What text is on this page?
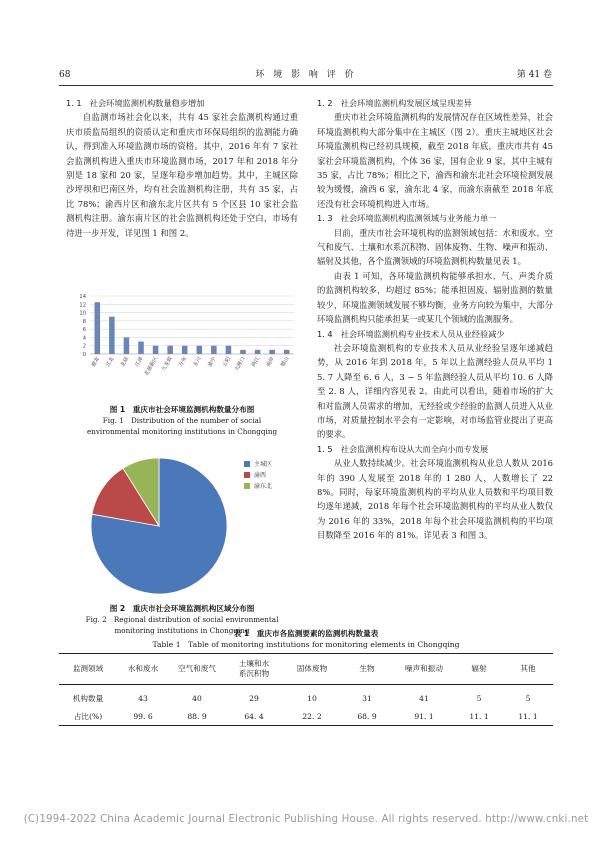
68	环 境 影 响 评 价	第 41 卷

1. 1　社会环境监测机构数量稳步增加

自监测市场社会化以来，共有 45 家社会监测机构通过重庆市质监局组织的资质认定和重庆市环保局组织的监测能力确认，得到准入环境监测市场的资格。其中，2016 年有 7 家社会监测机构进入重庆市环境监测市场，2017 年和 2018 年分别是 18 家和 20 家，呈逐年稳步增加趋势。其中，主城区除沙坪坝和巴南区外，均有社会监测机构注册，共有 35 家，占比 78%；渝西片区和渝东北片区共有 5 个区县 10 家社会监测机构注册。渝东南片区的社会监测机构还处于空白，市场有待进一步开发，详见图 1 和图 2。

0
2
4
6
8
10
12
14
渝北 江北 北碚 江津
北部新区 九龙坡 万州 永川 渝中 云阳 大渡口 两江 南岸 璧山
图 1　重庆市社会环境监测机构数量分布图
Fig. 1　Distribution of the number of social
environmental monitoring institutions in Chongqing
主城区
渝西
渝东北
图 2　重庆市社会环境监测机构区域分布图
Fig. 2　Regional distribution of social environmental
monitoring institutions in Chongqing

1. 2　社会环境监测机构发展区域呈现差异

重庆市社会环境监测机构的发展情况存在区域性差异，社会环境监测机构大部分集中在主城区（图 2）。重庆主城地区社会环境监测机构已经初具规模，截至 2018 年底，重庆市共有 45 家社会环境监测机构，个体 36 家，国有企业 9 家，其中主城有 35 家，占比 78%；相比之下，渝西和渝东北社会环境检测发展较为缓慢，渝西 6 家，渝东北 4 家，而渝东南截至 2018 年底还没有社会环境机构进入市场。

1. 3　社会环境监测机构监测领域与业务能力单一

目前，重庆市社会环境机构的监测领域包括：水和废水、空气和废气、土壤和水系沉积物、固体废物、生物、噪声和振动、辐射及其他，各个监测领域的环境监测机构数量见表 1。

由表 1 可知，各环境监测机构能够承担水、气、声类介质的监测机构较多，均超过 85%；能承担固废、辐射监测的数量较少，环境监测领域发展不够均衡，业务方向较为集中，大部分环境监测机构只能承担某一或某几个领域的监测服务。

1. 4　社会环境监测机构专业技术人员从业经验减少

社会环境监测机构的专业技术人员从业经验呈逐年递减趋势，从 2016 年到 2018 年，5 年以上监测经验人员从平均 15. 7 人降至 6. 6 人，3 ~ 5 年监测经验人员从平均 10. 6 人降至 2. 8 人，详细内容见表 2。由此可以看出，随着市场的扩大和对监测人员需求的增加，无经验或少经验的监测人员进入从业市场，对质量控制水平会有一定影响，对市场监管业提出了更高的要求。

1. 5　社会监测机构布设从大而全向小而专发展

从业人数持续减少。社会环境监测机构从业总人数从 2016 年的 390 人发展至 2018 年的 1 280 人，人数增长了 228%。同时，每家环境监测机构的平均从业人员数和平均项目数均逐年递减，2018 年每个社会环境监测机构的平均从业人数仅为 2016 年的 33%，2018 年每个社会环境监测机构的平均项目数降至 2016 年的 81%。详见表 3 和图 3。

表 1　重庆市各监测要素的监测机构数量表
Table 1　Table of monitoring institutions for monitoring elements in Chongqing
监测领域	水和废水	空气和废气	土壤和水
系沉积物	固体废物	生物	噪声和振动	辐射	其他
机构数量	43	40	29	10	31	41	5	5
占比(%)	99. 6	88. 9	64. 4	22. 2	68. 9	91. 1	11. 1	11. 1
(C)1994-2022 China Academic Journal Electronic Publishing House. All rights reserved. http://www.cnki.net
